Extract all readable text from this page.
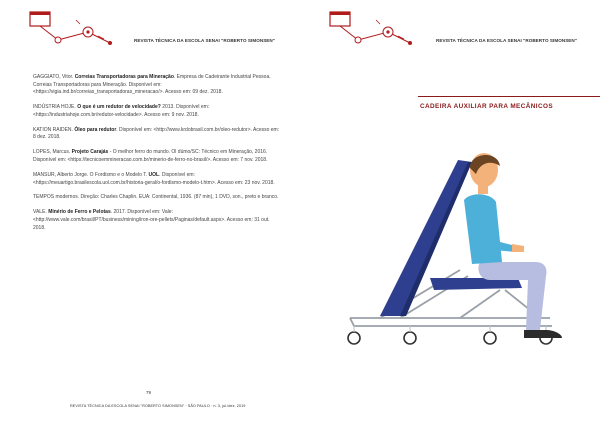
REVISTA TÉCNICA DA ESCOLA SENAI "ROBERTO SIMONSEN"

GAGGIATO, Vitor. Correias Transportadoras para Mineração. Empresa de Cadeirante Industrial Pessoa. Correias Transportadoras para Mineração. Disponível em: <https://vigia.ind.br/correias_transportadoras_mineracao/>. Acesso em: 09 dez. 2018.

INDÚSTRIA HOJE. O que é um redutor de velocidade? 2013. Disponível em: <https://industriahoje.com.br/redutor-velocidade>. Acesso em: 9 nov. 2018.

KATION RAIDEN. Óleo para redutor. Disponível em: <http://www.krdobrasil.com.br/oleo-redutor>. Acesso em: 8 dez. 2018.

LOPES, Marcus. Projeto Carajás - O melhor ferro do mundo. Ol dúmo/SC: Técnico em Mineração, 2016. Disponível em: <https://tecnicoemmineracao.com.br/minerio-de-ferro-no-brasil/>. Acesso em: 7 nov. 2018.

MANSUR, Alberto Jorge. O Fordismo e o Modelo T. UOL. Disponível em: <https://meuartigo.brasilescola.uol.com.br/historia-geral/o-fordismo-modelo-t.htm>. Acesso em: 23 nov. 2018.

TEMPOS modernos. Direção: Charles Chaplin. EUA: Continental, 1936. (87 min), 1 DVD, son., preto e branco.

VALE. Minério de Ferro e Pelotas. 2017. Disponível em: Vale: <http://www.vale.com/brasil/PT/business/mining/iron-ore-pellets/Paginas/default.aspx>. Acesso em: 31 out. 2018.

79
REVISTA TÉCNICA DA ESCOLA SENAI "ROBERTO SIMONSEN" · SÃO PAULO · n. 3, jul./dez. 2019
REVISTA TÉCNICA DA ESCOLA SENAI "ROBERTO SIMONSEN"
CADEIRA AUXILIAR PARA MECÂNICOS
